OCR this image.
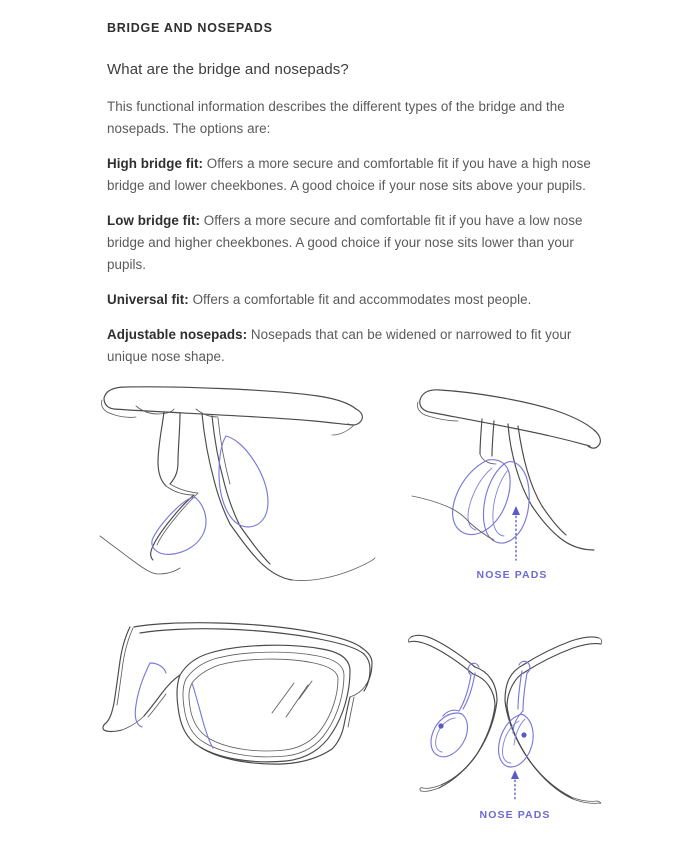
BRIDGE AND NOSEPADS
What are the bridge and nosepads?

This functional information describes the different types of the bridge and the nosepads. The options are:

High bridge fit: Offers a more secure and comfortable fit if you have a high nose bridge and lower cheekbones. A good choice if your nose sits above your pupils.

Low bridge fit: Offers a more secure and comfortable fit if you have a low nose bridge and higher cheekbones. A good choice if your nose sits lower than your pupils.

Universal fit: Offers a comfortable fit and accommodates most people.

Adjustable nosepads: Nosepads that can be widened or narrowed to fit your unique nose shape.

NOSE PADS
NOSE PADS
